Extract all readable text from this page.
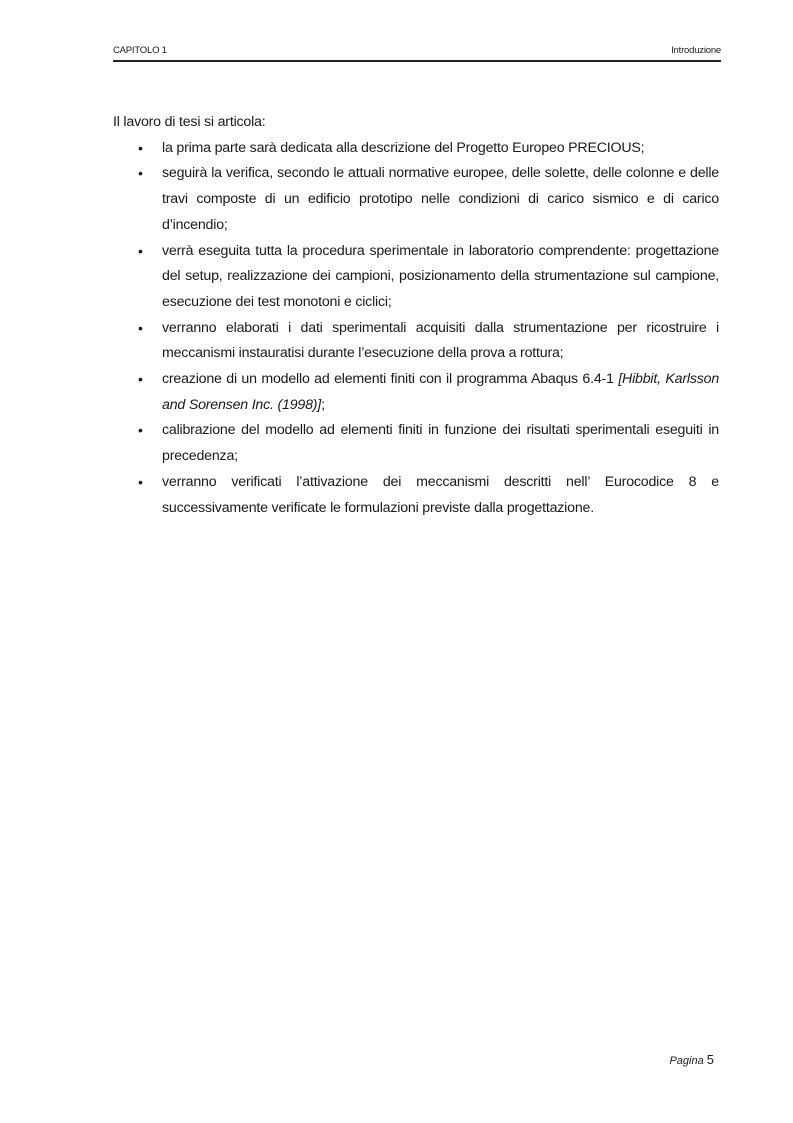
CAPITOLO 1	Introduzione

Il lavoro di tesi si articola:

• la prima parte sarà dedicata alla descrizione del Progetto Europeo PRECIOUS;
• seguirà la verifica, secondo le attuali normative europee, delle solette, delle colonne e delle travi composte di un edificio prototipo nelle condizioni di carico sismico e di carico d’incendio;
• verrà eseguita tutta la procedura sperimentale in laboratorio comprendente: progettazione del setup, realizzazione dei campioni, posizionamento della strumentazione sul campione, esecuzione dei test monotoni e ciclici;
• verranno elaborati i dati sperimentali acquisiti dalla strumentazione per ricostruire i meccanismi instauratisi durante l’esecuzione della prova a rottura;
• creazione di un modello ad elementi finiti con il programma Abaqus 6.4-1 [Hibbit, Karlsson and Sorensen Inc. (1998)];
• calibrazione del modello ad elementi finiti in funzione dei risultati sperimentali eseguiti in precedenza;
• verranno verificati l’attivazione dei meccanismi descritti nell’ Eurocodice 8 e successivamente verificate le formulazioni previste dalla progettazione.
Pagina 5
